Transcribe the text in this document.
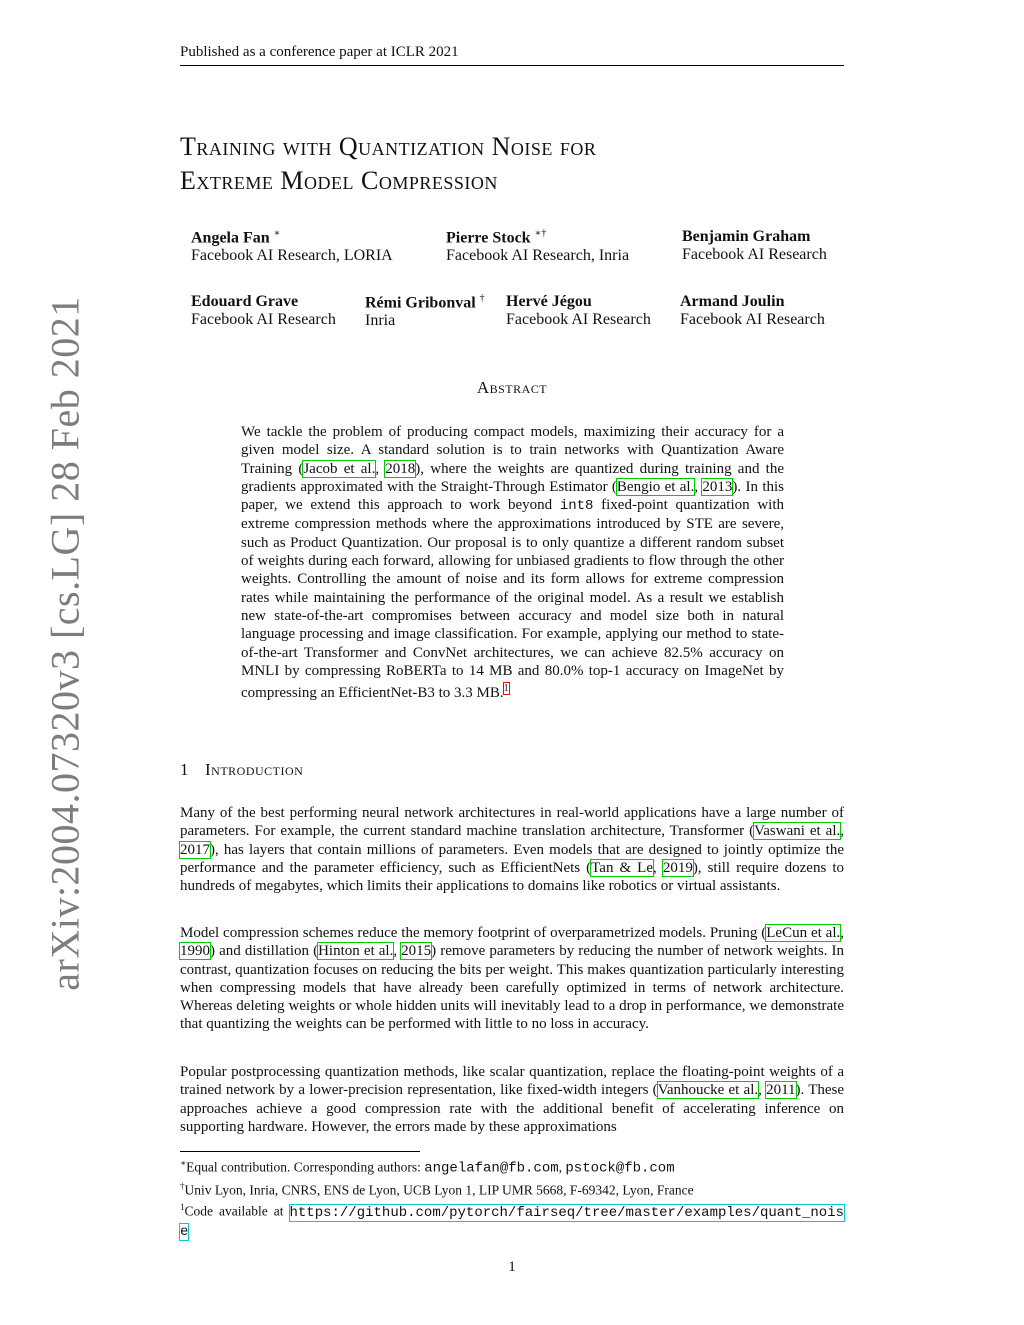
Published as a conference paper at ICLR 2021
Training with Quantization Noise for
Extreme Model Compression
Angela Fan ∗
Facebook AI Research, LORIA
Pierre Stock ∗†
Facebook AI Research, Inria
Benjamin Graham
Facebook AI Research
Edouard Grave
Facebook AI Research
Rémi Gribonval †
Inria
Hervé Jégou
Facebook AI Research
Armand Joulin
Facebook AI Research
arXiv:2004.07320v3 [cs.LG] 28 Feb 2021	Abstract
We tackle the problem of producing compact models, maximizing their accuracy for a given model size. A standard solution is to train networks with Quantization Aware Training (Jacob et al., 2018), where the weights are quantized during training and the gradients approximated with the Straight-Through Estimator (Bengio et al., 2013). In this paper, we extend this approach to work beyond int8 fixed-point quantization with extreme compression methods where the approximations introduced by STE are severe, such as Product Quantization. Our proposal is to only quantize a different random subset of weights during each forward, allowing for unbiased gradients to flow through the other weights. Controlling the amount of noise and its form allows for extreme compression rates while maintaining the performance of the original model. As a result we establish new state-of-the-art compromises between accuracy and model size both in natural language processing and image classification. For example, applying our method to state-of-the-art Transformer and ConvNet architectures, we can achieve 82.5% accuracy on MNLI by compressing RoBERTa to 14 MB and 80.0% top-1 accuracy on ImageNet by compressing an EfficientNet-B3 to 3.3 MB.$^1$
1 Introduction
Many of the best performing neural network architectures in real-world applications have a large number of parameters. For example, the current standard machine translation architecture, Transformer (Vaswani et al., 2017), has layers that contain millions of parameters. Even models that are designed to jointly optimize the performance and the parameter efficiency, such as EfficientNets (Tan & Le, 2019), still require dozens to hundreds of megabytes, which limits their applications to domains like robotics or virtual assistants.
Model compression schemes reduce the memory footprint of overparametrized models. Pruning (LeCun et al., 1990) and distillation (Hinton et al., 2015) remove parameters by reducing the number of network weights. In contrast, quantization focuses on reducing the bits per weight. This makes quantization particularly interesting when compressing models that have already been carefully optimized in terms of network architecture. Whereas deleting weights or whole hidden units will inevitably lead to a drop in performance, we demonstrate that quantizing the weights can be performed with little to no loss in accuracy.
Popular postprocessing quantization methods, like scalar quantization, replace the floating-point weights of a trained network by a lower-precision representation, like fixed-width integers (Vanhoucke et al., 2011). These approaches achieve a good compression rate with the additional benefit of accelerating inference on supporting hardware. However, the errors made by these approximations
∗Equal contribution. Corresponding authors: angelafan@fb.com, pstock@fb.com
†Univ Lyon, Inria, CNRS, ENS de Lyon, UCB Lyon 1, LIP UMR 5668, F-69342, Lyon, France
$^1$Code available at https://github.com/pytorch/fairseq/tree/master/examples/quant_noise
1
